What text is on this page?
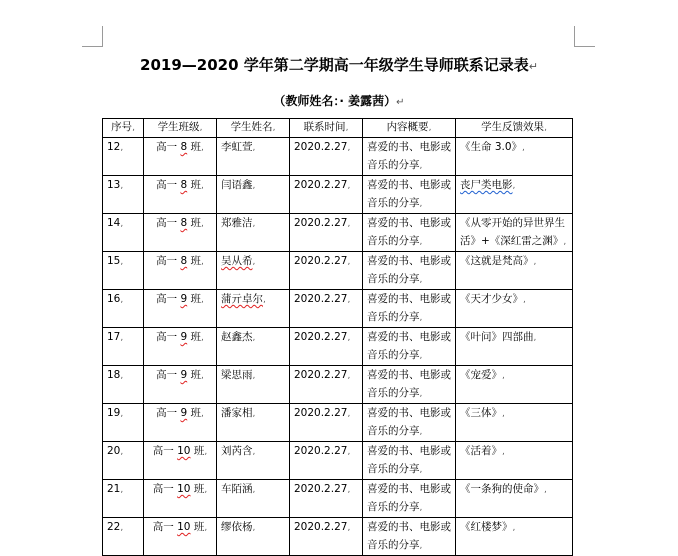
2019—2020 学年第二学期高一年级学生导师联系记录表↵
（教师姓名：· 姜露茜）↵
序号,	学生班级,	学生姓名,	联系时间,	内容概要,	学生反馈效果,
12,	高一 8 班,	李虹萱,	2020.2.27,	喜爱的书、电影或音乐的分享,	《生命 3.0》,
13,	高一 8 班,	闫语鑫,	2020.2.27,	喜爱的书、电影或音乐的分享,	丧尸类电影,
14,	高一 8 班,	郑雅洁,	2020.2.27,	喜爱的书、电影或音乐的分享,	《从零开始的异世界生活》+《深红雷之渊》,
15,	高一 8 班,	吴从希,	2020.2.27,	喜爱的书、电影或音乐的分享,	《这就是梵高》,
16,	高一 9 班,	蒲亓卓尔,	2020.2.27,	喜爱的书、电影或音乐的分享,	《天才少女》,
17,	高一 9 班,	赵鑫杰,	2020.2.27,	喜爱的书、电影或音乐的分享,	《叶问》四部曲,
18,	高一 9 班,	梁思雨,	2020.2.27,	喜爱的书、电影或音乐的分享,	《宠爱》,
19,	高一 9 班,	潘家相,	2020.2.27,	喜爱的书、电影或音乐的分享,	《三体》,
20,	高一 10 班,	刘芮含,	2020.2.27,	喜爱的书、电影或音乐的分享,	《活着》,
21,	高一 10 班,	车陌涵,	2020.2.27,	喜爱的书、电影或音乐的分享,	《一条狗的使命》,
22,	高一 10 班,	缪依杨,	2020.2.27,	喜爱的书、电影或音乐的分享,	《红楼梦》,
